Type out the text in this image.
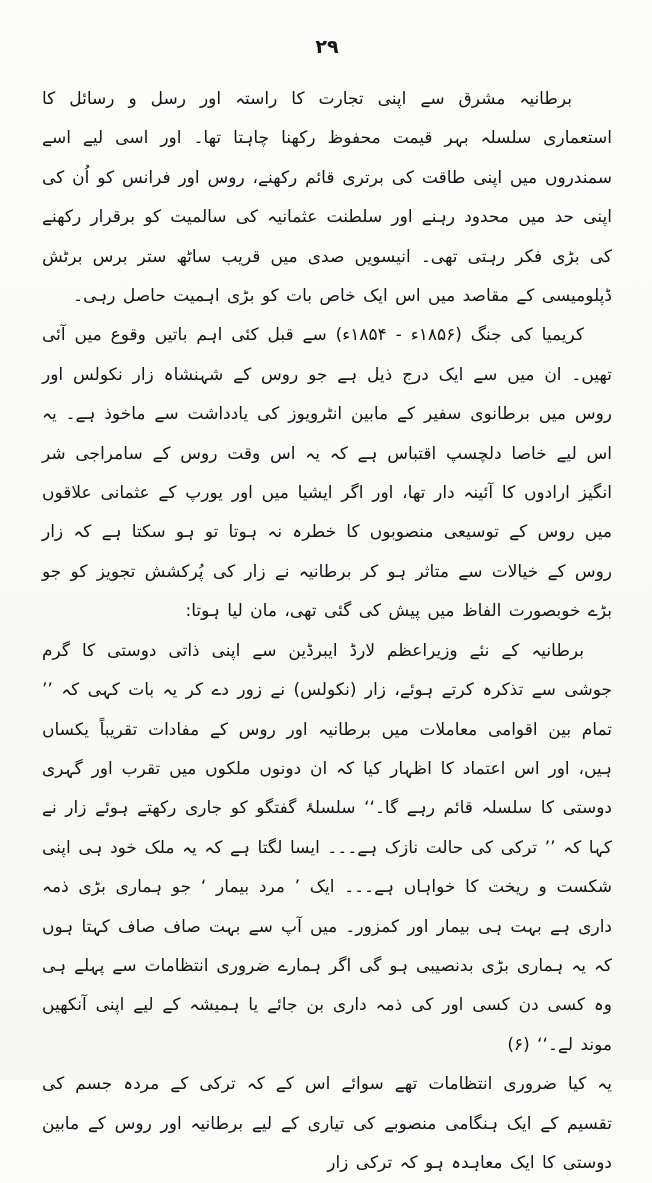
۲۹

برطانیہ مشرق سے اپنی تجارت کا راستہ اور رسل و رسائل کا استعماری سلسلہ بہر قیمت محفوظ رکھنا چاہتا تھا۔ اور اسی لیے اسے سمندروں میں اپنی طاقت کی برتری قائم رکھنے، روس اور فرانس کو اُن کی اپنی حد میں محدود رہنے اور سلطنت عثمانیہ کی سالمیت کو برقرار رکھنے کی بڑی فکر رہتی تھی۔ انیسویں صدی میں قریب ساٹھ ستر برس برٹش ڈپلومیسی کے مقاصد میں اس ایک خاص بات کو بڑی اہمیت حاصل رہی۔

کریمیا کی جنگ (۱۸۵۶ء - ۱۸۵۴ء) سے قبل کئی اہم باتیں وقوع میں آئی تھیں۔ ان میں سے ایک درج ذیل ہے جو روس کے شہنشاہ زار نکولس اور روس میں برطانوی سفیر کے مابین انٹرویوز کی یادداشت سے ماخوذ ہے۔ یہ اس لیے خاصا دلچسپ اقتباس ہے کہ یہ اس وقت روس کے سامراجی شر انگیز ارادوں کا آئینہ دار تھا، اور اگر ایشیا میں اور یورپ کے عثمانی علاقوں میں روس کے توسیعی منصوبوں کا خطرہ نہ ہوتا تو ہو سکتا ہے کہ زار روس کے خیالات سے متاثر ہو کر برطانیہ نے زار کی پُرکشش تجویز کو جو بڑے خوبصورت الفاظ میں پیش کی گئی تھی، مان لیا ہوتا:

برطانیہ کے نئے وزیراعظم لارڈ ایبرڈین سے اپنی ذاتی دوستی کا گرم جوشی سے تذکرہ کرتے ہوئے، زار (نکولس) نے زور دے کر یہ بات کہی کہ ’’ تمام بین اقوامی معاملات میں برطانیہ اور روس کے مفادات تقریباً یکساں ہیں، اور اس اعتماد کا اظہار کیا کہ ان دونوں ملکوں میں تقرب اور گہری دوستی کا سلسلہ قائم رہے گا۔‘‘ سلسلۂ گفتگو کو جاری رکھتے ہوئے زار نے کہا کہ ’’ ترکی کی حالت نازک ہے۔۔۔ ایسا لگتا ہے کہ یہ ملک خود ہی اپنی شکست و ریخت کا خواہاں ہے۔۔۔ ایک ’ مرد بیمار ‘ جو ہماری بڑی ذمہ داری ہے بہت ہی بیمار اور کمزور۔ میں آپ سے بہت صاف صاف کہتا ہوں کہ یہ ہماری بڑی بدنصیبی ہو گی اگر ہمارے ضروری انتظامات سے پہلے ہی وہ کسی دن کسی اور کی ذمہ داری بن جائے یا ہمیشہ کے لیے اپنی آنکھیں موند لے۔‘‘ (۶)

یہ کیا ضروری انتظامات تھے سوائے اس کے کہ ترکی کے مردہ جسم کی تقسیم کے ایک ہنگامی منصوبے کی تیاری کے لیے برطانیہ اور روس کے مابین دوستی کا ایک معاہدہ ہو کہ ترکی زار
